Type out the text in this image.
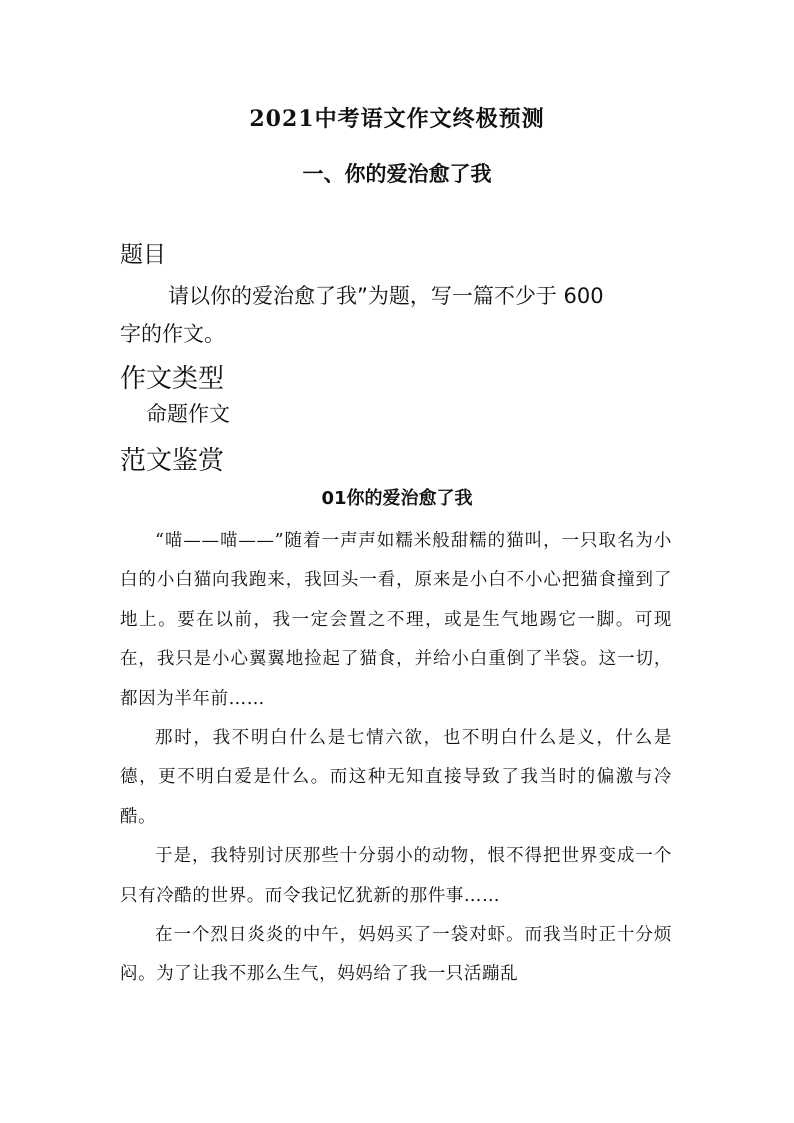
2021中考语文作文终极预测
一、你的爱治愈了我
题目
请以你的爱治愈了我”为题，写一篇不少于 600
字的作文。
作文类型
命题作文
范文鉴赏
01你的爱治愈了我

“喵——喵——”随着一声声如糯米般甜糯的猫叫，一只取名为小白的小白猫向我跑来，我回头一看，原来是小白不小心把猫食撞到了地上。要在以前，我一定会置之不理，或是生气地踢它一脚。可现在，我只是小心翼翼地捡起了猫食，并给小白重倒了半袋。这一切，都因为半年前……

那时，我不明白什么是七情六欲，也不明白什么是义，什么是德，更不明白爱是什么。而这种无知直接导致了我当时的偏激与冷酷。

于是，我特别讨厌那些十分弱小的动物，恨不得把世界变成一个只有冷酷的世界。而令我记忆犹新的那件事……

在一个烈日炎炎的中午，妈妈买了一袋对虾。而我当时正十分烦闷。为了让我不那么生气，妈妈给了我一只活蹦乱
